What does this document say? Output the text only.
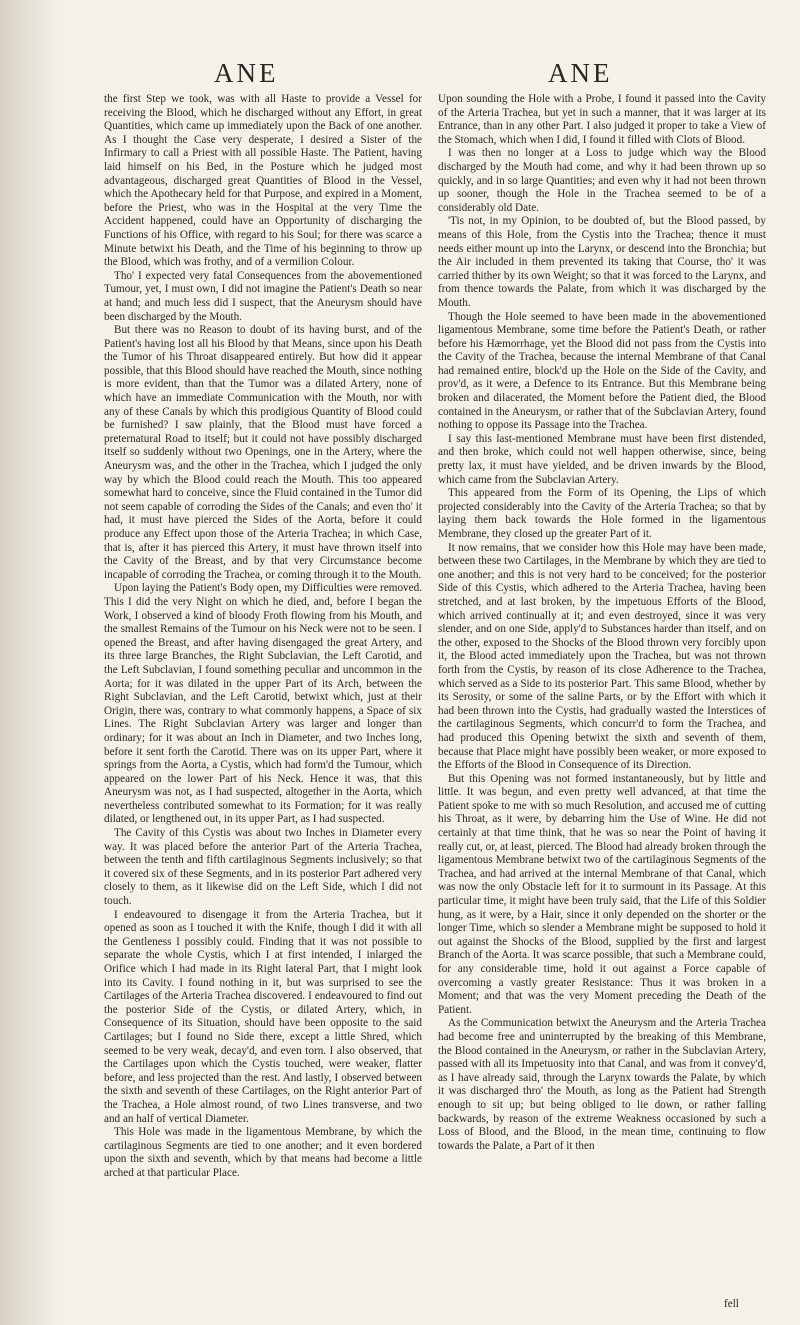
ANE	ANE

the first Step we took, was with all Haste to provide a Vessel for receiving the Blood, which he discharged without any Effort, in great Quantities, which came up immediately upon the Back of one another. As I thought the Case very desperate, I desired a Sister of the Infirmary to call a Priest with all possible Haste. The Patient, having laid himself on his Bed, in the Posture which he judged most advantageous, discharged great Quantities of Blood in the Vessel, which the Apothecary held for that Purpose, and expired in a Moment, before the Priest, who was in the Hospital at the very Time the Accident happened, could have an Opportunity of discharging the Functions of his Office, with regard to his Soul; for there was scarce a Minute betwixt his Death, and the Time of his beginning to throw up the Blood, which was frothy, and of a vermilion Colour.

Tho' I expected very fatal Consequences from the abovementioned Tumour, yet, I must own, I did not imagine the Patient's Death so near at hand; and much less did I suspect, that the Aneurysm should have been discharged by the Mouth.

But there was no Reason to doubt of its having burst, and of the Patient's having lost all his Blood by that Means, since upon his Death the Tumor of his Throat disappeared entirely. But how did it appear possible, that this Blood should have reached the Mouth, since nothing is more evident, than that the Tumor was a dilated Artery, none of which have an immediate Communication with the Mouth, nor with any of these Canals by which this prodigious Quantity of Blood could be furnished? I saw plainly, that the Blood must have forced a preternatural Road to itself; but it could not have possibly discharged itself so suddenly without two Openings, one in the Artery, where the Aneurysm was, and the other in the Trachea, which I judged the only way by which the Blood could reach the Mouth. This too appeared somewhat hard to conceive, since the Fluid contained in the Tumor did not seem capable of corroding the Sides of the Canals; and even tho' it had, it must have pierced the Sides of the Aorta, before it could produce any Effect upon those of the Arteria Trachea; in which Case, that is, after it has pierced this Artery, it must have thrown itself into the Cavity of the Breast, and by that very Circumstance become incapable of corroding the Trachea, or coming through it to the Mouth.

Upon laying the Patient's Body open, my Difficulties were removed. This I did the very Night on which he died, and, before I began the Work, I observed a kind of bloody Froth flowing from his Mouth, and the smallest Remains of the Tumour on his Neck were not to be seen. I opened the Breast, and after having disengaged the great Artery, and its three large Branches, the Right Subclavian, the Left Carotid, and the Left Subclavian, I found something peculiar and uncommon in the Aorta; for it was dilated in the upper Part of its Arch, between the Right Subclavian, and the Left Carotid, betwixt which, just at their Origin, there was, contrary to what commonly happens, a Space of six Lines. The Right Subclavian Artery was larger and longer than ordinary; for it was about an Inch in Diameter, and two Inches long, before it sent forth the Carotid. There was on its upper Part, where it springs from the Aorta, a Cystis, which had form'd the Tumour, which appeared on the lower Part of his Neck. Hence it was, that this Aneurysm was not, as I had suspected, altogether in the Aorta, which nevertheless contributed somewhat to its Formation; for it was really dilated, or lengthened out, in its upper Part, as I had suspected.

The Cavity of this Cystis was about two Inches in Diameter every way. It was placed before the anterior Part of the Arteria Trachea, between the tenth and fifth cartilaginous Segments inclusively; so that it covered six of these Segments, and in its posterior Part adhered very closely to them, as it likewise did on the Left Side, which I did not touch.

I endeavoured to disengage it from the Arteria Trachea, but it opened as soon as I touched it with the Knife, though I did it with all the Gentleness I possibly could. Finding that it was not possible to separate the whole Cystis, which I at first intended, I inlarged the Orifice which I had made in its Right lateral Part, that I might look into its Cavity. I found nothing in it, but was surprised to see the Cartilages of the Arteria Trachea discovered. I endeavoured to find out the posterior Side of the Cystis, or dilated Artery, which, in Consequence of its Situation, should have been opposite to the said Cartilages; but I found no Side there, except a little Shred, which seemed to be very weak, decay'd, and even torn. I also observed, that the Cartilages upon which the Cystis touched, were weaker, flatter before, and less projected than the rest. And lastly, I observed between the sixth and seventh of these Cartilages, on the Right anterior Part of the Trachea, a Hole almost round, of two Lines transverse, and two and an half of vertical Diameter.

This Hole was made in the ligamentous Membrane, by which the cartilaginous Segments are tied to one another; and it even bordered upon the sixth and seventh, which by that means had become a little arched at that particular Place.

Upon sounding the Hole with a Probe, I found it passed into the Cavity of the Arteria Trachea, but yet in such a manner, that it was larger at its Entrance, than in any other Part. I also judged it proper to take a View of the Stomach, which when I did, I found it filled with Clots of Blood.

I was then no longer at a Loss to judge which way the Blood discharged by the Mouth had come, and why it had been thrown up so quickly, and in so large Quantities; and even why it had not been thrown up sooner, though the Hole in the Trachea seemed to be of a considerably old Date.

'Tis not, in my Opinion, to be doubted of, but the Blood passed, by means of this Hole, from the Cystis into the Trachea; thence it must needs either mount up into the Larynx, or descend into the Bronchia; but the Air included in them prevented its taking that Course, tho' it was carried thither by its own Weight; so that it was forced to the Larynx, and from thence towards the Palate, from which it was discharged by the Mouth.

Though the Hole seemed to have been made in the abovementioned ligamentous Membrane, some time before the Patient's Death, or rather before his Hæmorrhage, yet the Blood did not pass from the Cystis into the Cavity of the Trachea, because the internal Membrane of that Canal had remained entire, block'd up the Hole on the Side of the Cavity, and prov'd, as it were, a Defence to its Entrance. But this Membrane being broken and dilacerated, the Moment before the Patient died, the Blood contained in the Aneurysm, or rather that of the Subclavian Artery, found nothing to oppose its Passage into the Trachea.

I say this last-mentioned Membrane must have been first distended, and then broke, which could not well happen otherwise, since, being pretty lax, it must have yielded, and be driven inwards by the Blood, which came from the Subclavian Artery.

This appeared from the Form of its Opening, the Lips of which projected considerably into the Cavity of the Arteria Trachea; so that by laying them back towards the Hole formed in the ligamentous Membrane, they closed up the greater Part of it.

It now remains, that we consider how this Hole may have been made, between these two Cartilages, in the Membrane by which they are tied to one another; and this is not very hard to be conceived; for the posterior Side of this Cystis, which adhered to the Arteria Trachea, having been stretched, and at last broken, by the impetuous Efforts of the Blood, which arrived continually at it; and even destroyed, since it was very slender, and on one Side, apply'd to Substances harder than itself, and on the other, exposed to the Shocks of the Blood thrown very forcibly upon it, the Blood acted immediately upon the Trachea, but was not thrown forth from the Cystis, by reason of its close Adherence to the Trachea, which served as a Side to its posterior Part. This same Blood, whether by its Serosity, or some of the saline Parts, or by the Effort with which it had been thrown into the Cystis, had gradually wasted the Interstices of the cartilaginous Segments, which concurr'd to form the Trachea, and had produced this Opening betwixt the sixth and seventh of them, because that Place might have possibly been weaker, or more exposed to the Efforts of the Blood in Consequence of its Direction.

But this Opening was not formed instantaneously, but by little and little. It was begun, and even pretty well advanced, at that time the Patient spoke to me with so much Resolution, and accused me of cutting his Throat, as it were, by debarring him the Use of Wine. He did not certainly at that time think, that he was so near the Point of having it really cut, or, at least, pierced. The Blood had already broken through the ligamentous Membrane betwixt two of the cartilaginous Segments of the Trachea, and had arrived at the internal Membrane of that Canal, which was now the only Obstacle left for it to surmount in its Passage. At this particular time, it might have been truly said, that the Life of this Soldier hung, as it were, by a Hair, since it only depended on the shorter or the longer Time, which so slender a Membrane might be supposed to hold it out against the Shocks of the Blood, supplied by the first and largest Branch of the Aorta. It was scarce possible, that such a Membrane could, for any considerable time, hold it out against a Force capable of overcoming a vastly greater Resistance: Thus it was broken in a Moment; and that was the very Moment preceding the Death of the Patient.

As the Communication betwixt the Aneurysm and the Arteria Trachea had become free and uninterrupted by the breaking of this Membrane, the Blood contained in the Aneurysm, or rather in the Subclavian Artery, passed with all its Impetuosity into that Canal, and was from it convey'd, as I have already said, through the Larynx towards the Palate, by which it was discharged thro' the Mouth, as long as the Patient had Strength enough to sit up; but being obliged to lie down, or rather falling backwards, by reason of the extreme Weakness occasioned by such a Loss of Blood, and the Blood, in the mean time, continuing to flow towards the Palate, a Part of it then

fell
